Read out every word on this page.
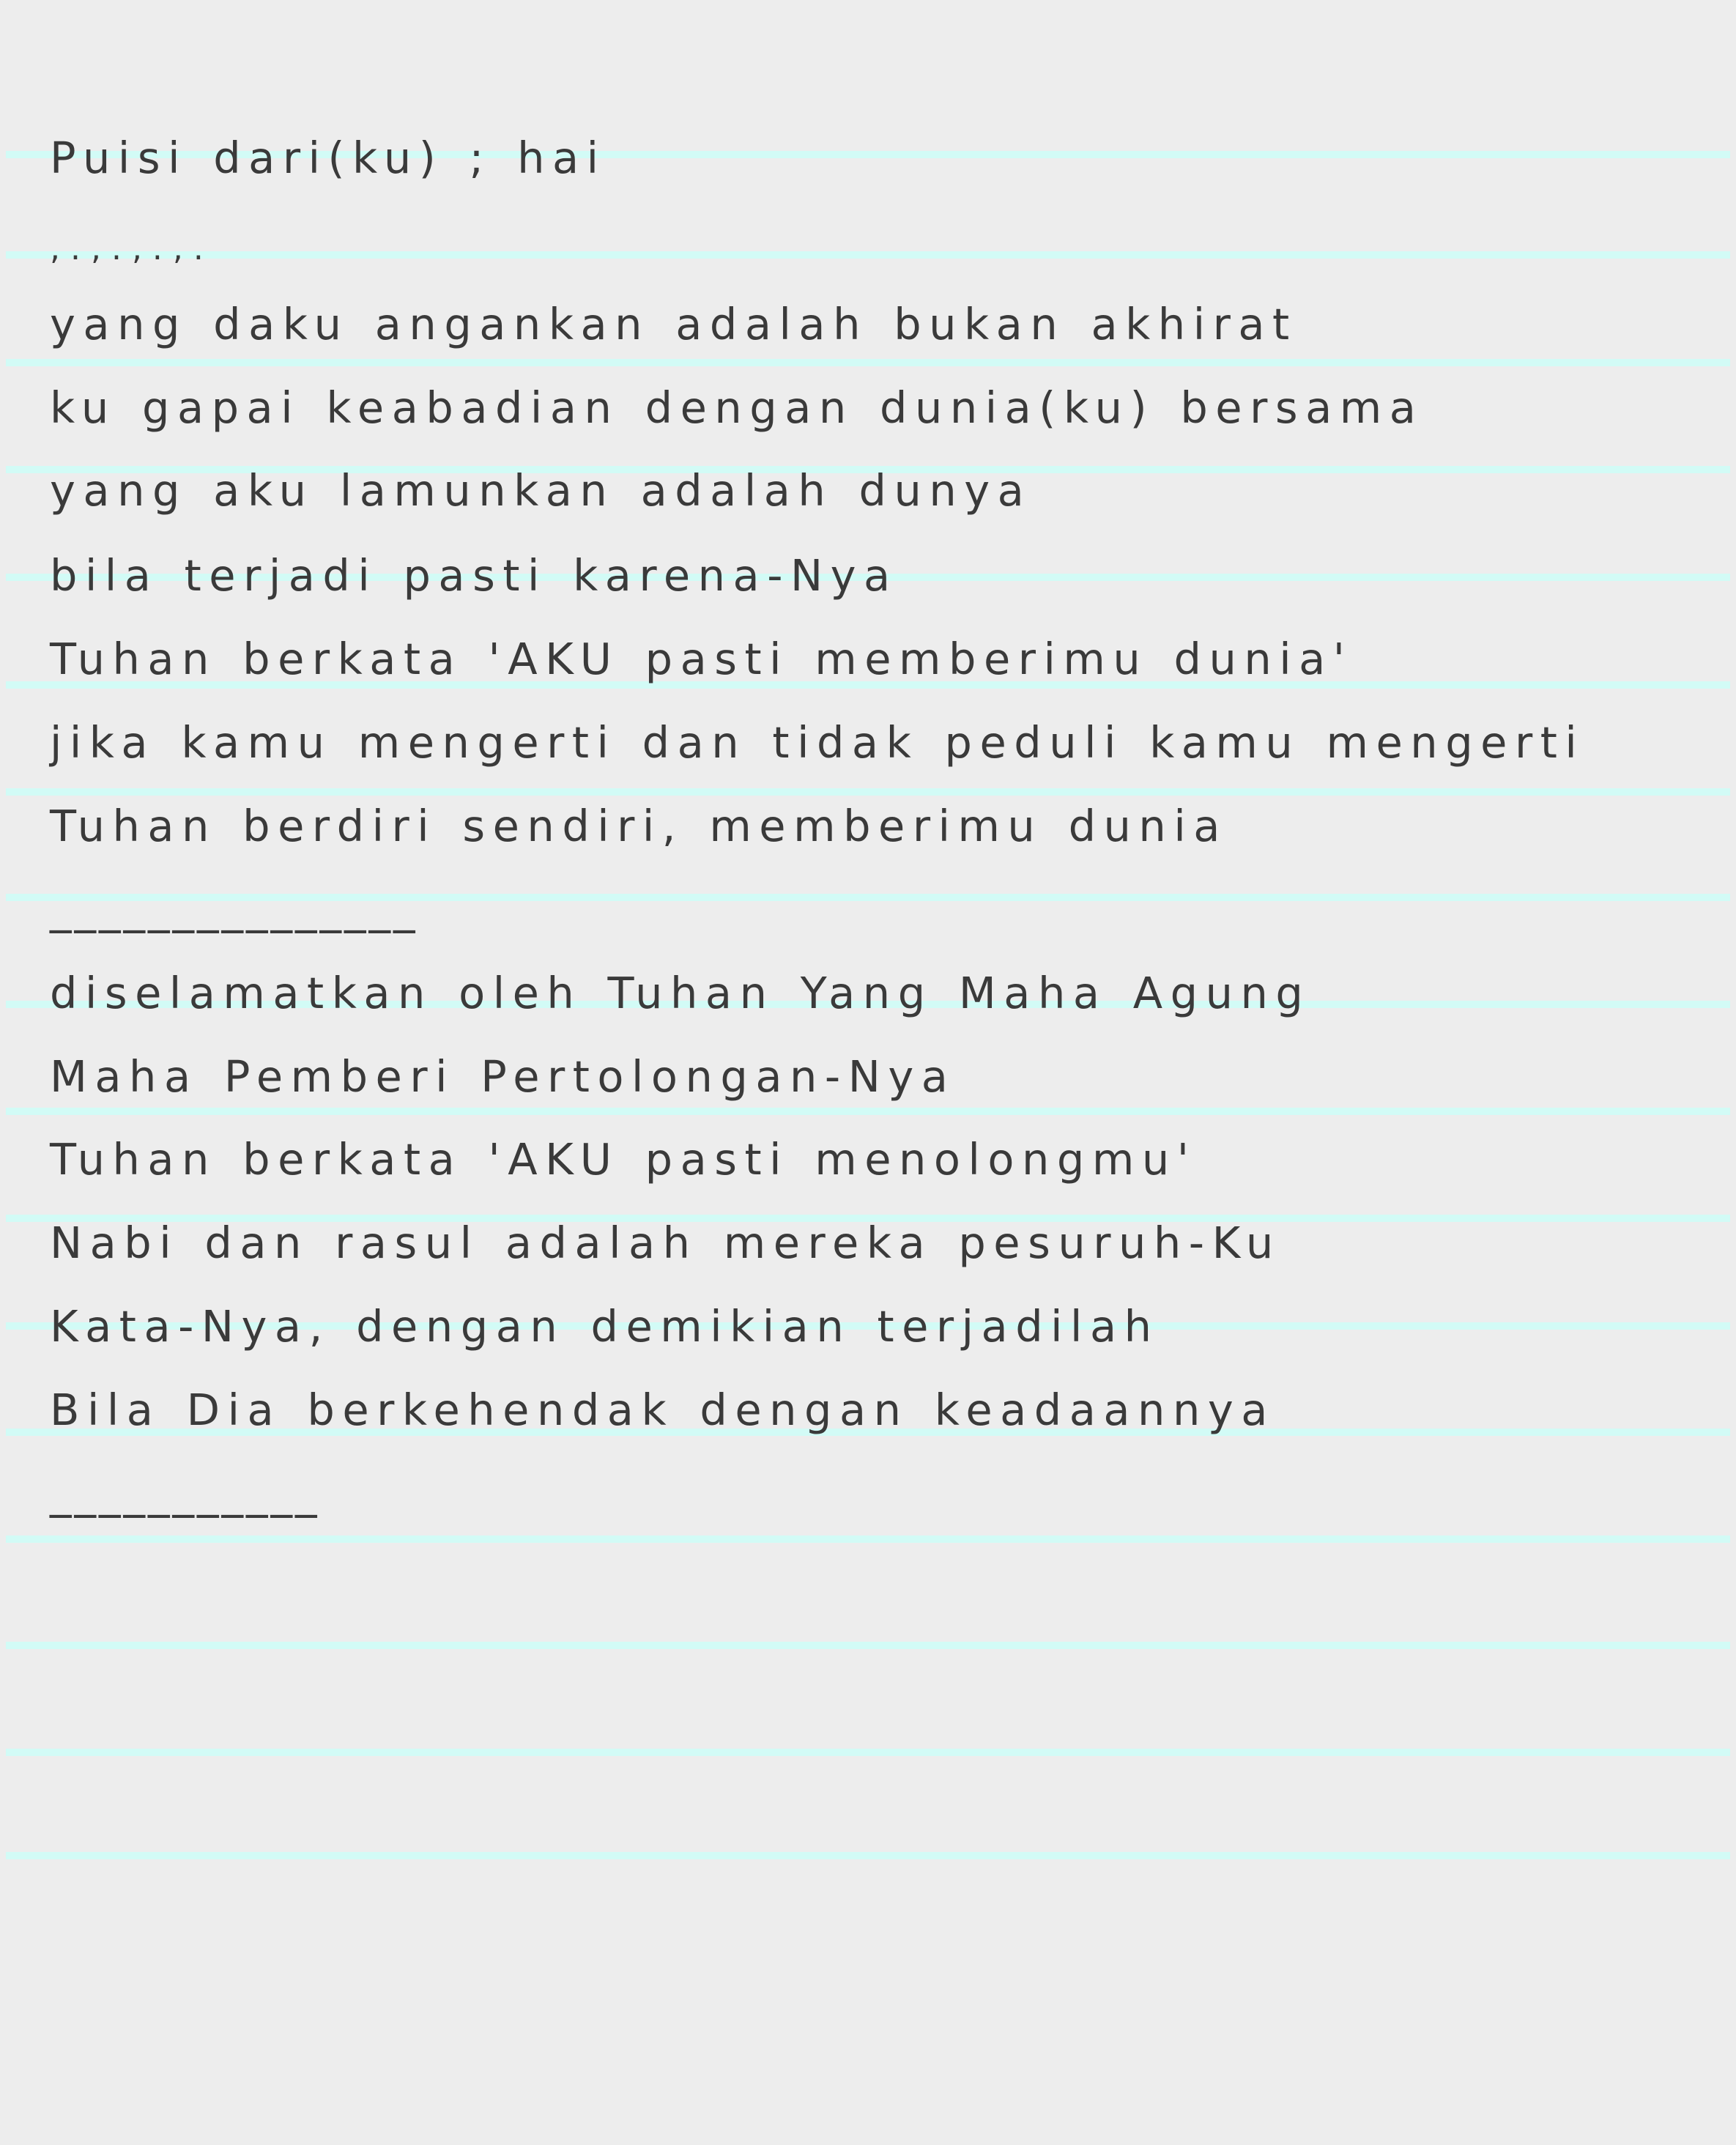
Puisi dari(ku) ; hai
,.,.,.,.
yang daku angankan adalah bukan akhirat
ku gapai keabadian dengan dunia(ku) bersama
yang aku lamunkan adalah dunya
bila terjadi pasti karena-Nya
Tuhan berkata 'AKU pasti memberimu dunia'
jika kamu mengerti dan tidak peduli kamu mengerti
Tuhan berdiri sendiri, memberimu dunia
_______________
diselamatkan oleh Tuhan Yang Maha Agung
Maha Pemberi Pertolongan-Nya
Tuhan berkata 'AKU pasti menolongmu'
Nabi dan rasul adalah mereka pesuruh-Ku
Kata-Nya, dengan demikian terjadilah
Bila Dia berkehendak dengan keadaannya
___________
